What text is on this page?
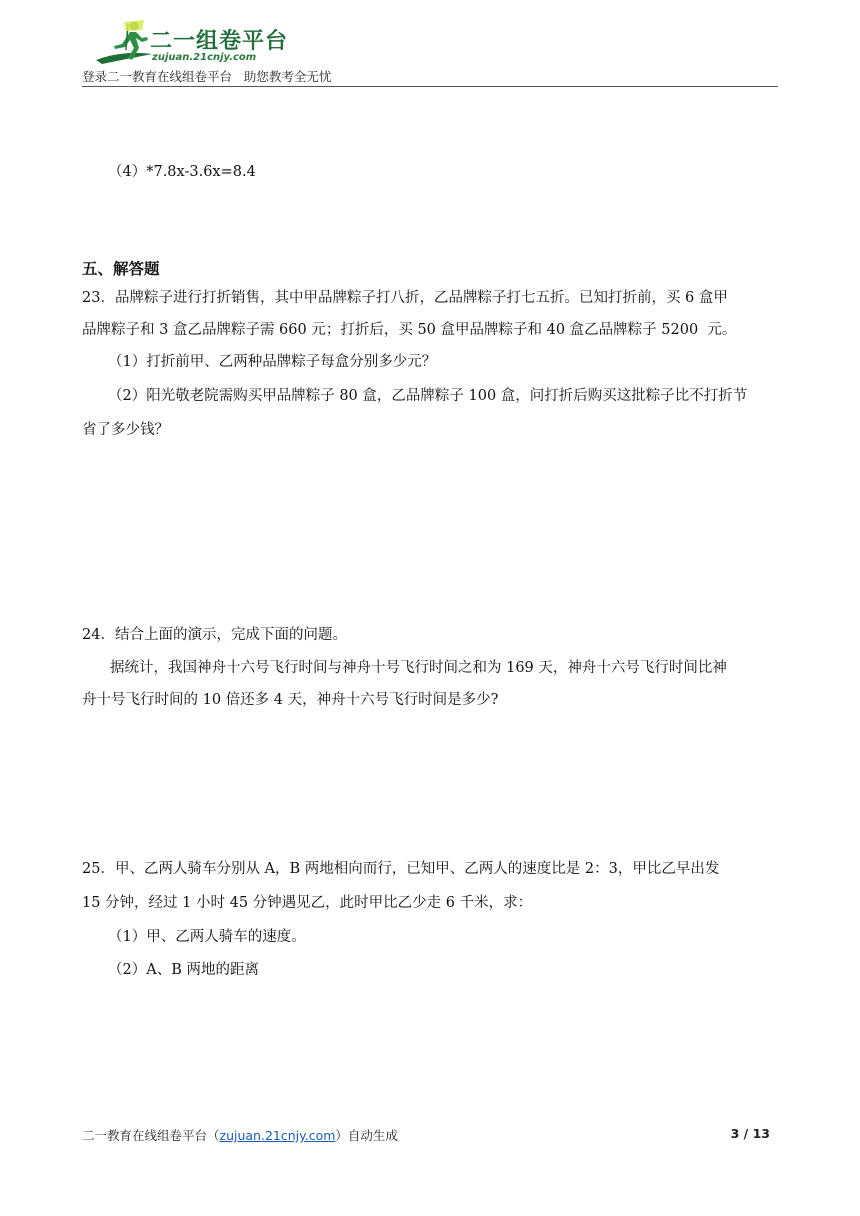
二一组卷平台
zujuan.21cnjy.com
登录二一教育在线组卷平台   助您教考全无忧
（4）*7.8x-3.6x=8.4
五、解答题
23．品牌粽子进行打折销售，其中甲品牌粽子打八折，乙品牌粽子打七五折。已知打折前，买 6 盒甲
品牌粽子和 3 盒乙品牌粽子需 660 元；打折后，买 50 盒甲品牌粽子和 40 盒乙品牌粽子 5200  元。
（1）打折前甲、乙两种品牌粽子每盒分别多少元？
（2）阳光敬老院需购买甲品牌粽子 80 盒，乙品牌粽子 100 盒，问打折后购买这批粽子比不打折节
省了多少钱？
24．结合上面的演示，完成下面的问题。
据统计，我国神舟十六号飞行时间与神舟十号飞行时间之和为 169 天，神舟十六号飞行时间比神
舟十号飞行时间的 10 倍还多 4 天，神舟十六号飞行时间是多少?
25．甲、乙两人骑车分别从 A，B 两地相向而行，已知甲、乙两人的速度比是 2：3，甲比乙早出发
15 分钟，经过 1 小时 45 分钟遇见乙，此时甲比乙少走 6 千米，求：
（1）甲、乙两人骑车的速度。
（2）A、B 两地的距离
二一教育在线组卷平台（zujuan.21cnjy.com）自动生成	3 / 13
